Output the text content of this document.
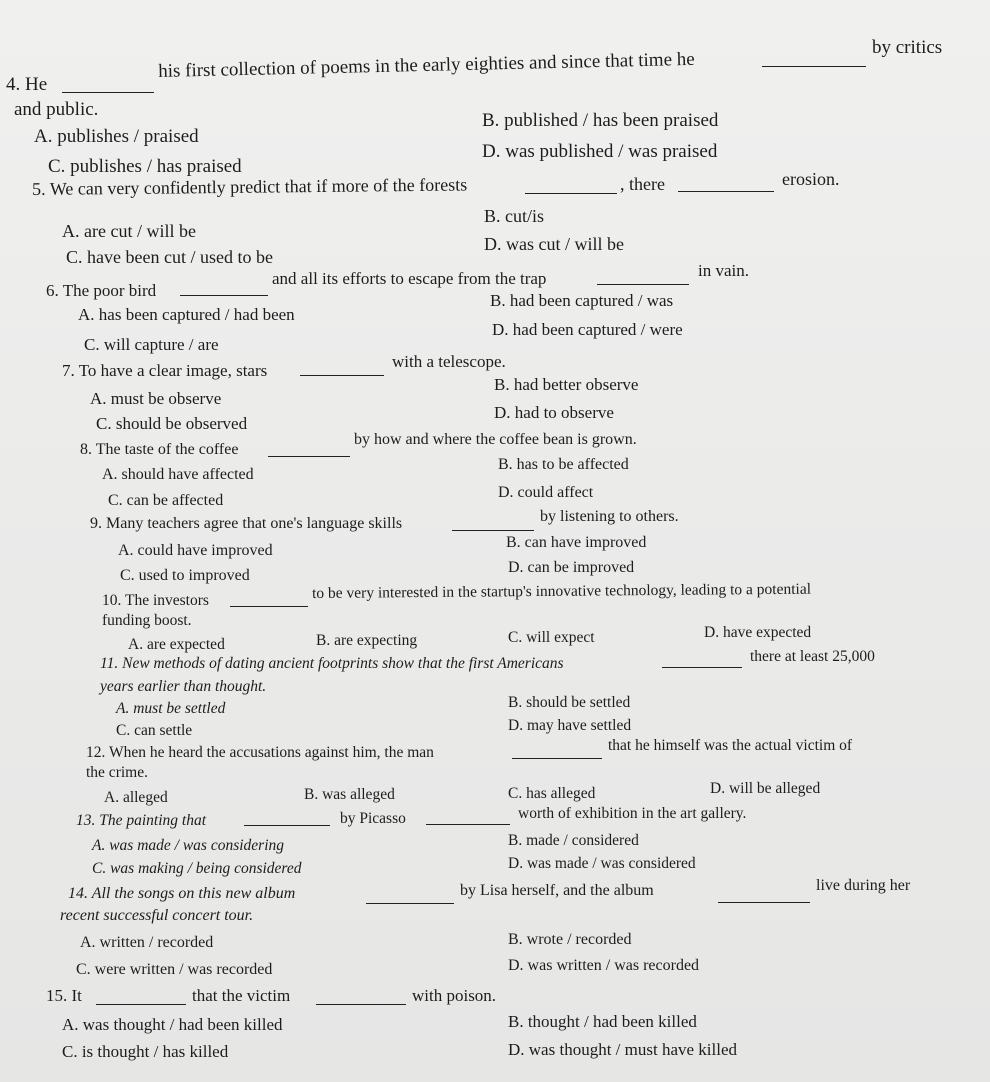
4. He
his first collection of poems in the early eighties and since that time he
by critics
and public.
A. publishes / praised
B. published / has been praised
C. publishes / has praised
D. was published / was praised
5. We can very confidently predict that if more of the forests	, there	erosion.
A. are cut / will be
B. cut/is
C. have been cut / used to be
D. was cut / will be
6. The poor bird
and all its efforts to escape from the trap	in vain.
A. has been captured / had been
B. had been captured / was
C. will capture / are
D. had been captured / were
7. To have a clear image, stars	with a telescope.
A. must be observe
B. had better observe
C. should be observed
D. had to observe
8. The taste of the coffee
by how and where the coffee bean is grown.
A. should have affected
B. has to be affected
C. can be affected	D. could affect
9. Many teachers agree that one's language skills	by listening to others.
A. could have improved	B. can have improved
C. used to improved	D. can be improved
10. The investors	to be very interested in the startup's innovative technology, leading to a potential
funding boost.
A. are expected	B. are expecting	C. will expect	D. have expected
11. New methods of dating ancient footprints show that the first Americans	there at least 25,000
years earlier than thought.
A. must be settled	B. should be settled
C. can settle	D. may have settled
12. When he heard the accusations against him, the man	that he himself was the actual victim of
the crime.
A. alleged	B. was alleged	C. has alleged	D. will be alleged
13. The painting that	by Picasso	worth of exhibition in the art gallery.
A. was made / was considering	B. made / considered
C. was making / being considered	D. was made / was considered
14. All the songs on this new album	by Lisa herself, and the album	live during her
recent successful concert tour.
A. written / recorded	B. wrote / recorded
C. were written / was recorded	D. was written / was recorded
15. It	that the victim	with poison.
A. was thought / had been killed	B. thought / had been killed
C. is thought / has killed	D. was thought / must have killed
